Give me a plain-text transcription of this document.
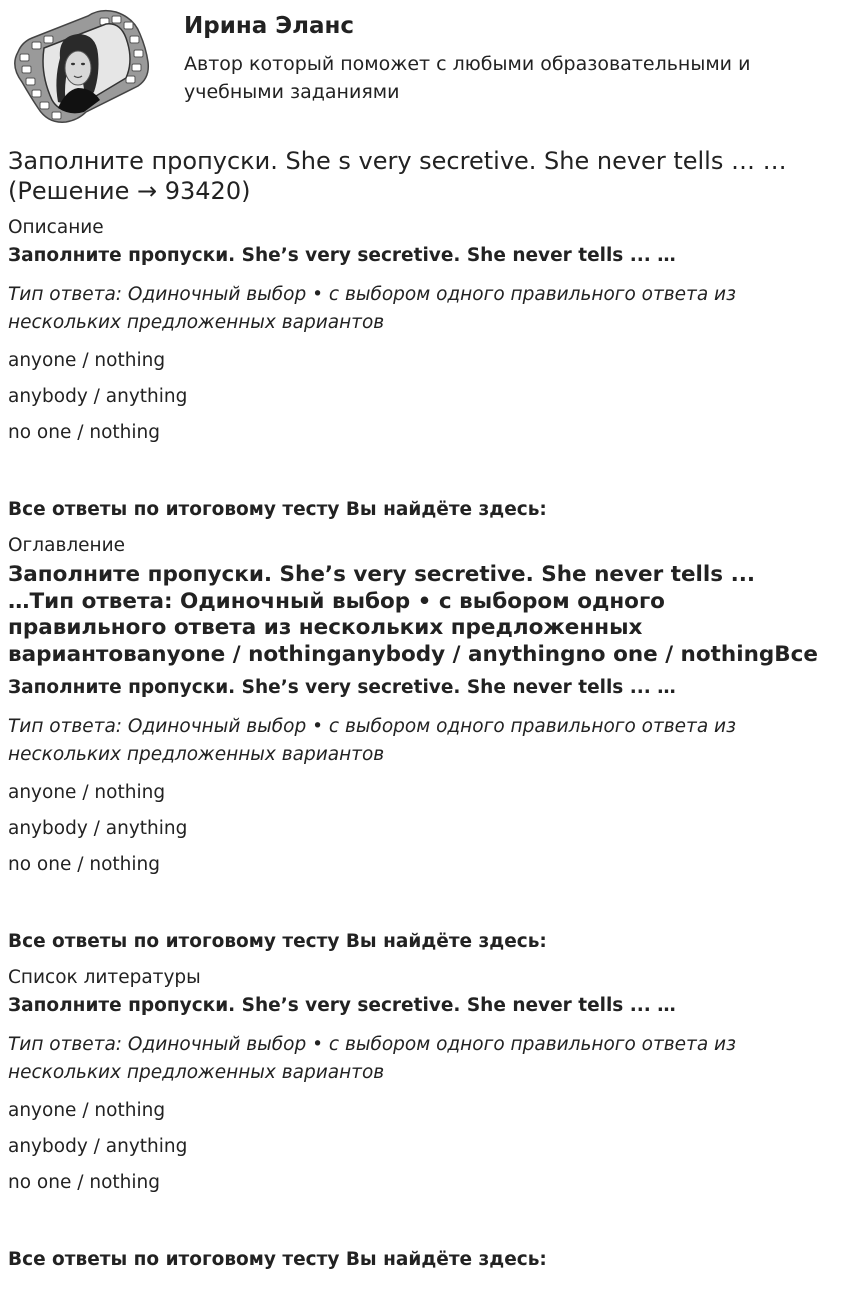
Ирина Эланс
Автор который поможет с любыми образовательными и учебными заданиями
Заполните пропуски. She s very secretive. She never tells … … (Решение → 93420)
Описание
Заполните пропуски. She’s very secretive. She never tells ... …
Тип ответа: Одиночный выбор • с выбором одного правильного ответа из нескольких предложенных вариантов
anyone / nothing
anybody / anything
no one / nothing
Все ответы по итоговому тесту Вы найдёте здесь:
Оглавление
Заполните пропуски. She’s very secretive. She never tells ...
…Тип ответа: Одиночный выбор • с выбором одного
правильного ответа из нескольких предложенных
вариантовanyone / nothinganybody / anythingno one / nothingВсе
Заполните пропуски. She’s very secretive. She never tells ... …
Тип ответа: Одиночный выбор • с выбором одного правильного ответа из нескольких предложенных вариантов
anyone / nothing
anybody / anything
no one / nothing
Все ответы по итоговому тесту Вы найдёте здесь:
Список литературы
Заполните пропуски. She’s very secretive. She never tells ... …
Тип ответа: Одиночный выбор • с выбором одного правильного ответа из нескольких предложенных вариантов
anyone / nothing
anybody / anything
no one / nothing
Все ответы по итоговому тесту Вы найдёте здесь:
